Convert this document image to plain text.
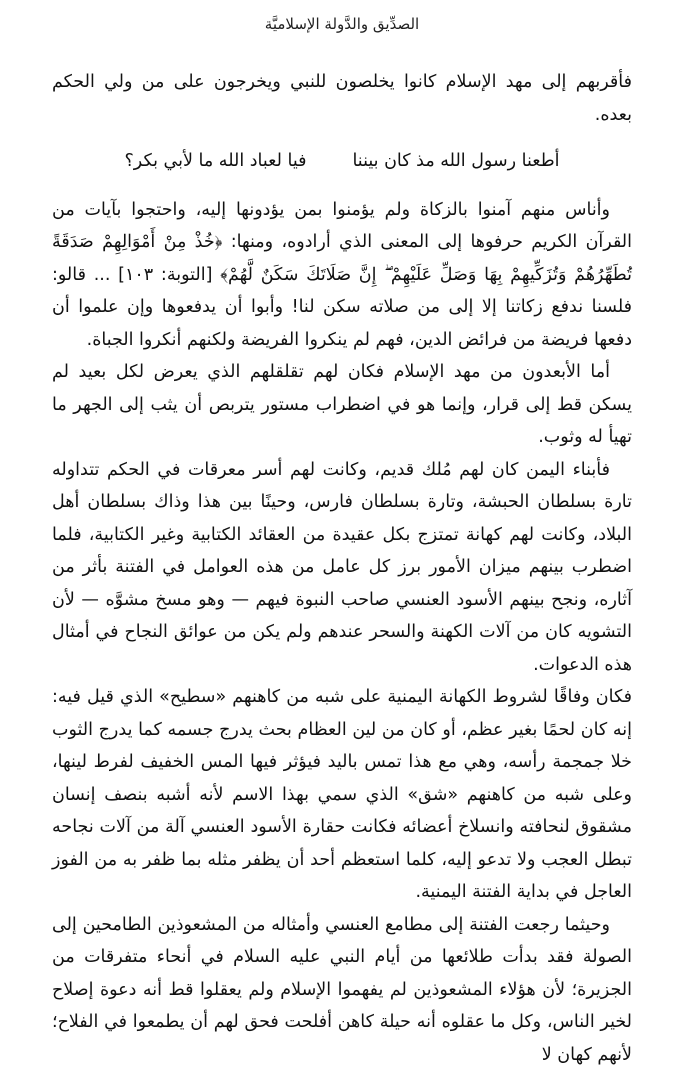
الصدِّيق والدَّولة الإسلاميَّة

فأقربهم إلى مهد الإسلام كانوا يخلصون للنبي ويخرجون على من ولي الحكم بعده.

أطعنا رسول الله مذ كان بيننا
فيا لعباد الله ما لأبي بكر؟

وأناس منهم آمنوا بالزكاة ولم يؤمنوا بمن يؤدونها إليه، واحتجوا بآيات من القرآن الكريم حرفوها إلى المعنى الذي أرادوه، ومنها: ﴿خُذْ مِنْ أَمْوَالِهِمْ صَدَقَةً تُطَهِّرُهُمْ وَتُزَكِّيهِمْ بِهَا وَصَلِّ عَلَيْهِمْ ۖ إِنَّ صَلَاتَكَ سَكَنٌ لَّهُمْ﴾ [التوبة: ١٠٣] ... قالو: فلسنا ندفع زكاتنا إلا إلى من صلاته سكن لنا! وأبوا أن يدفعوها وإن علموا أن دفعها فريضة من فرائض الدين، فهم لم ينكروا الفريضة ولكنهم أنكروا الجباة.

أما الأبعدون من مهد الإسلام فكان لهم تقلقلهم الذي يعرض لكل بعيد لم يسكن قط إلى قرار، وإنما هو في اضطراب مستور يتربص أن يثب إلى الجهر ما تهيأ له وثوب.

فأبناء اليمن كان لهم مُلك قديم، وكانت لهم أسر معرقات في الحكم تتداوله تارة بسلطان الحبشة، وتارة بسلطان فارس، وحينًا بين هذا وذاك بسلطان أهل البلاد، وكانت لهم كهانة تمتزج بكل عقيدة من العقائد الكتابية وغير الكتابية، فلما اضطرب بينهم ميزان الأمور برز كل عامل من هذه العوامل في الفتنة بأثر من آثاره، ونجح بينهم الأسود العنسي صاحب النبوة فيهم — وهو مسخ مشوَّه — لأن التشويه كان من آلات الكهنة والسحر عندهم ولم يكن من عوائق النجاح في أمثال هذه الدعوات.

فكان وفاقًا لشروط الكهانة اليمنية على شبه من كاهنهم «سطيح» الذي قيل فيه: إنه كان لحمًا بغير عظم، أو كان من لين العظام بحث يدرج جسمه كما يدرج الثوب خلا جمجمة رأسه، وهي مع هذا تمس باليد فيؤثر فيها المس الخفيف لفرط لينها، وعلى شبه من كاهنهم «شق» الذي سمي بهذا الاسم لأنه أشبه بنصف إنسان مشقوق لنحافته وانسلاخ أعضائه فكانت حقارة الأسود العنسي آلة من آلات نجاحه تبطل العجب ولا تدعو إليه، كلما استعظم أحد أن يظفر مثله بما ظفر به من الفوز العاجل في بداية الفتنة اليمنية.

وحيثما رجعت الفتنة إلى مطامع العنسي وأمثاله من المشعوذين الطامحين إلى الصولة فقد بدأت طلائعها من أيام النبي عليه السلام في أنحاء متفرقات من الجزيرة؛ لأن هؤلاء المشعوذين لم يفهموا الإسلام ولم يعقلوا قط أنه دعوة إصلاح لخير الناس، وكل ما عقلوه أنه حيلة كاهن أفلحت فحق لهم أن يطمعوا في الفلاح؛ لأنهم كهان لا
